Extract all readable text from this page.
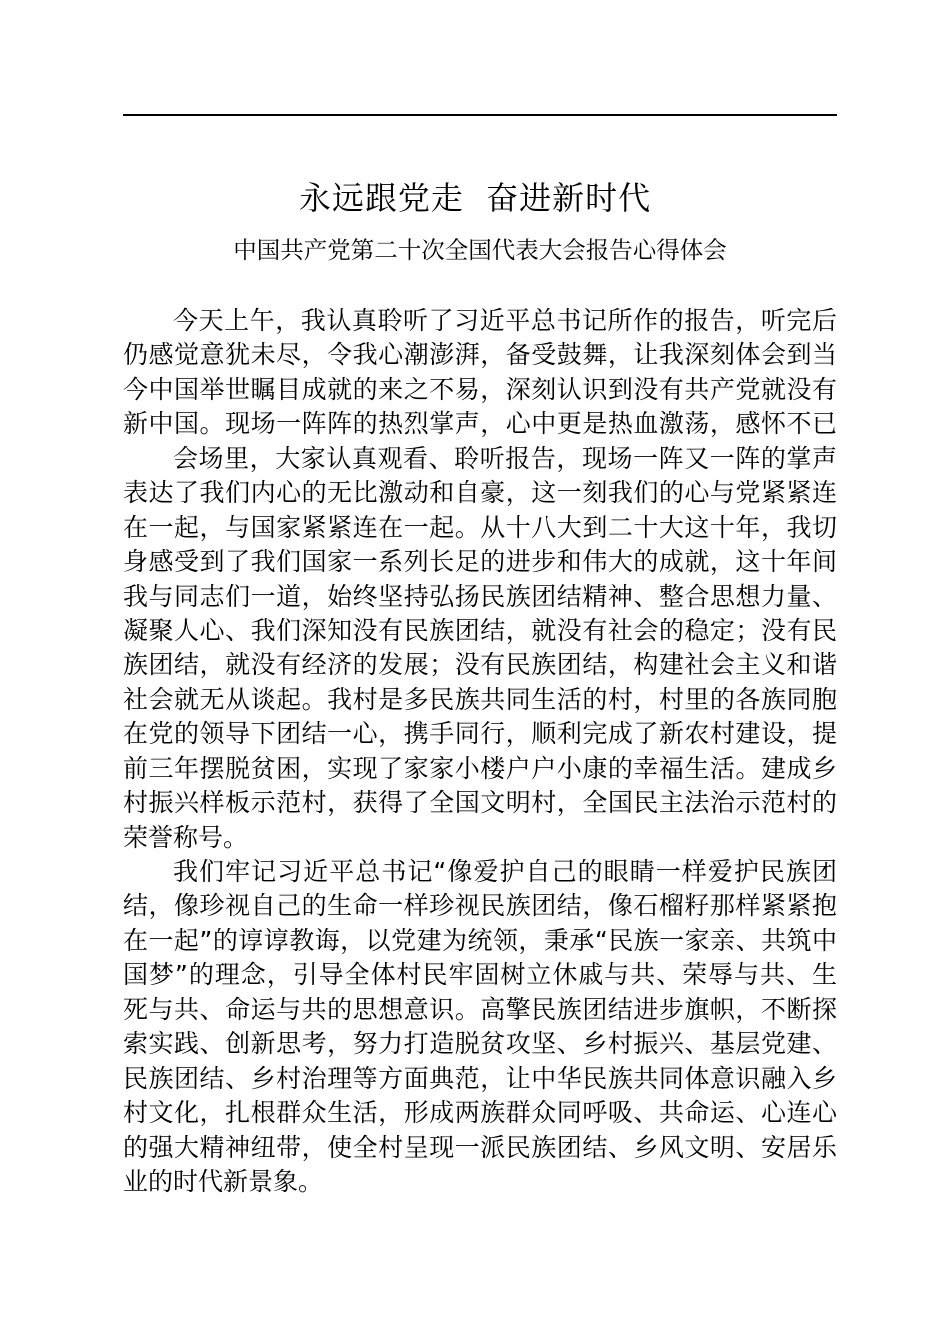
永远跟党走  奋进新时代
中国共产党第二十次全国代表大会报告心得体会
今天上午，我认真聆听了习近平总书记所作的报告，听完后
仍感觉意犹未尽，令我心潮澎湃，备受鼓舞，让我深刻体会到当
今中国举世瞩目成就的来之不易，深刻认识到没有共产党就没有
新中国。现场一阵阵的热烈掌声，心中更是热血激荡，感怀不已
会场里，大家认真观看、聆听报告，现场一阵又一阵的掌声
表达了我们内心的无比激动和自豪，这一刻我们的心与党紧紧连
在一起，与国家紧紧连在一起。从十八大到二十大这十年，我切
身感受到了我们国家一系列长足的进步和伟大的成就，这十年间
我与同志们一道，始终坚持弘扬民族团结精神、整合思想力量、
凝聚人心、我们深知没有民族团结，就没有社会的稳定；没有民
族团结，就没有经济的发展；没有民族团结，构建社会主义和谐
社会就无从谈起。我村是多民族共同生活的村，村里的各族同胞
在党的领导下团结一心，携手同行，顺利完成了新农村建设，提
前三年摆脱贫困，实现了家家小楼户户小康的幸福生活。建成乡
村振兴样板示范村，获得了全国文明村，全国民主法治示范村的
荣誉称号。
我们牢记习近平总书记“像爱护自己的眼睛一样爱护民族团
结，像珍视自己的生命一样珍视民族团结，像石榴籽那样紧紧抱
在一起”的谆谆教诲，以党建为统领，秉承“民族一家亲、共筑中
国梦”的理念，引导全体村民牢固树立休戚与共、荣辱与共、生
死与共、命运与共的思想意识。高擎民族团结进步旗帜，不断探
索实践、创新思考，努力打造脱贫攻坚、乡村振兴、基层党建、
民族团结、乡村治理等方面典范，让中华民族共同体意识融入乡
村文化，扎根群众生活，形成两族群众同呼吸、共命运、心连心
的强大精神纽带，使全村呈现一派民族团结、乡风文明、安居乐
业的时代新景象。
